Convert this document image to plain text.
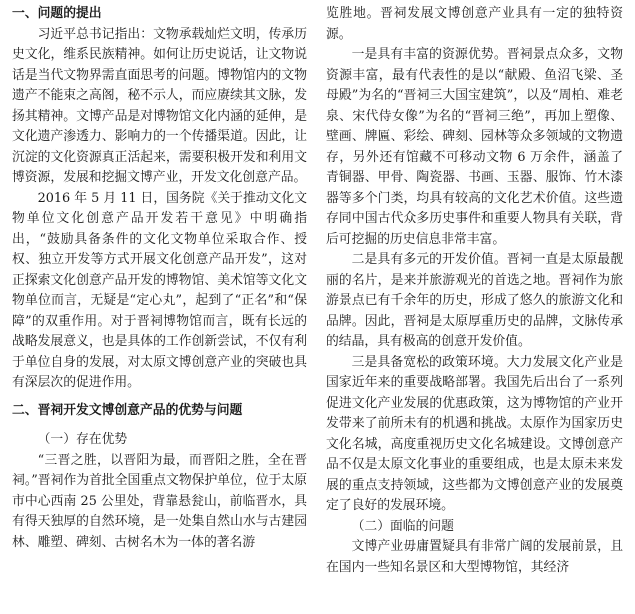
一、问题的提出

习近平总书记指出：文物承载灿烂文明，传承历史文化，维系民族精神。如何让历史说话，让文物说话是当代文物界需直面思考的问题。博物馆内的文物遗产不能束之高阁，秘不示人，而应赓续其文脉，发扬其精神。文博产品是对博物馆文化内涵的延伸，是文化遗产渗透力、影响力的一个传播渠道。因此，让沉淀的文化资源真正活起来，需要积极开发和利用文博资源，发展和挖掘文博产业，开发文化创意产品。

2016 年 5 月 11 日，国务院《关于推动文化文物单位文化创意产品开发若干意见》中明确指出，“鼓励具备条件的文化文物单位采取合作、授权、独立开发等方式开展文化创意产品开发”，这对正探索文化创意产品开发的博物馆、美术馆等文化文物单位而言，无疑是“定心丸”，起到了“正名”和“保障”的双重作用。对于晋祠博物馆而言，既有长远的战略发展意义，也是具体的工作创新尝试，不仅有利于单位自身的发展，对太原文博创意产业的突破也具有深层次的促进作用。

二、晋祠开发文博创意产品的优势与问题

（一）存在优势

“三晋之胜，以晋阳为最，而晋阳之胜，全在晋祠。”晋祠作为首批全国重点文物保护单位，位于太原市中心西南 25 公里处，背靠悬瓮山，前临晋水，具有得天独厚的自然环境，是一处集自然山水与古建园林、雕塑、碑刻、古树名木为一体的著名游

览胜地。晋祠发展文博创意产业具有一定的独特资源。

一是具有丰富的资源优势。晋祠景点众多，文物资源丰富，最有代表性的是以“献殿、鱼沼飞梁、圣母殿”为名的“晋祠三大国宝建筑”，以及“周柏、难老泉、宋代侍女像”为名的“晋祠三绝”，再加上塑像、壁画、牌匾、彩绘、碑刻、园林等众多领域的文物遗存，另外还有馆藏不可移动文物 6 万余件，涵盖了青铜器、甲骨、陶瓷器、书画、玉器、服饰、竹木漆器等多个门类，均具有较高的文化艺术价值。这些遗存同中国古代众多历史事件和重要人物具有关联，背后可挖掘的历史信息非常丰富。

二是具有多元的开发价值。晋祠一直是太原最靓丽的名片，是来并旅游观光的首选之地。晋祠作为旅游景点已有千余年的历史，形成了悠久的旅游文化和品牌。因此，晋祠是太原厚重历史的品牌，文脉传承的结晶，具有极高的创意开发价值。

三是具备宽松的政策环境。大力发展文化产业是国家近年来的重要战略部署。我国先后出台了一系列促进文化产业发展的优惠政策，这为博物馆的产业开发带来了前所未有的机遇和挑战。太原作为国家历史文化名城，高度重视历史文化名城建设。文博创意产品不仅是太原文化事业的重要组成，也是太原未来发展的重点支持领域，这些都为文博创意产业的发展奠定了良好的发展环境。

（二）面临的问题

文博产业毋庸置疑具有非常广阔的发展前景，且在国内一些知名景区和大型博物馆，其经济
